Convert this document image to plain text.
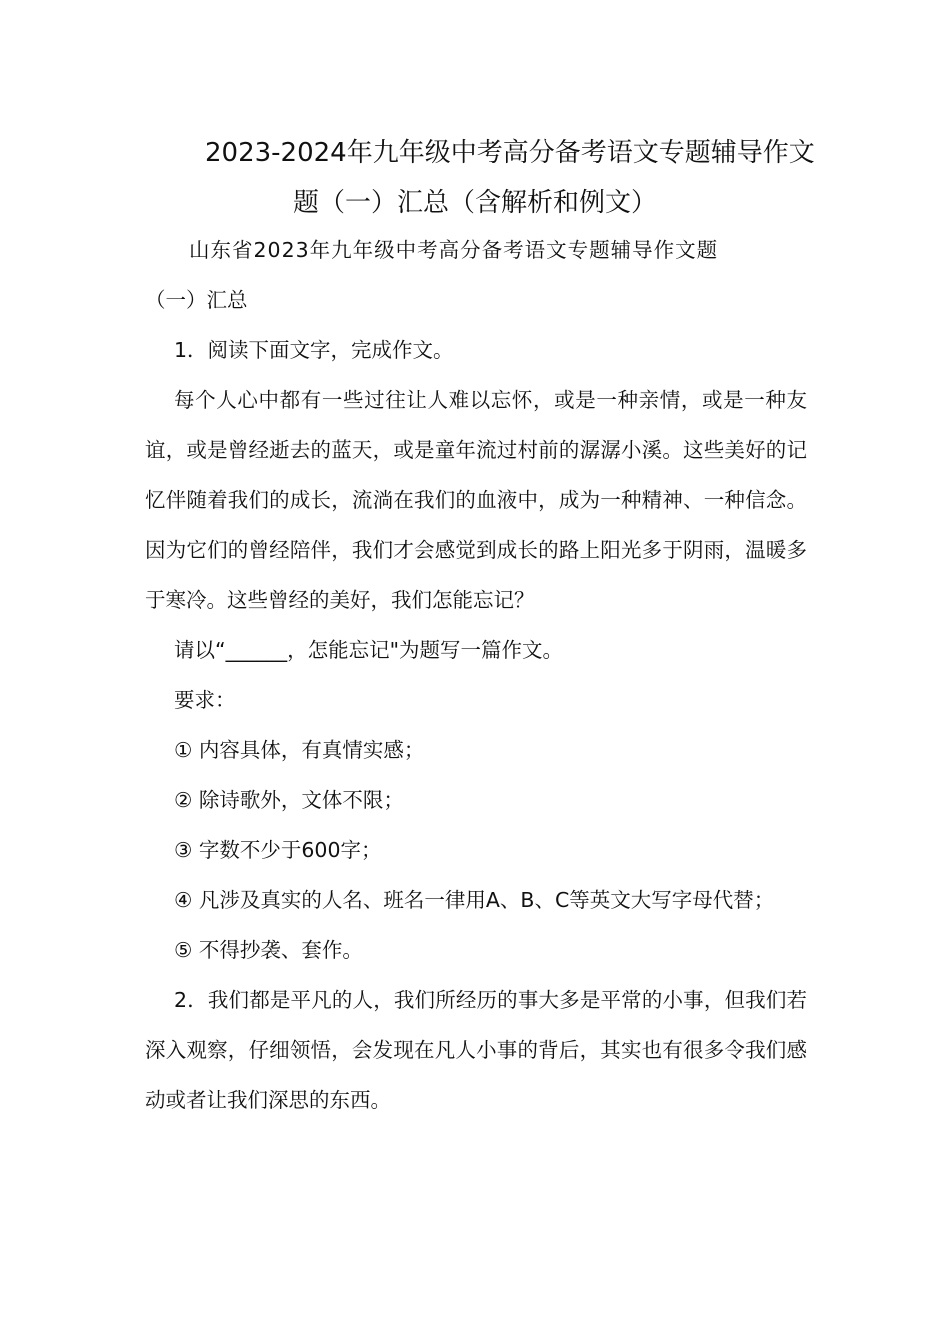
2023-2024年九年级中考高分备考语文专题辅导作文
题（一）汇总（含解析和例文）

山东省2023年九年级中考高分备考语文专题辅导作文题

（一）汇总

1．阅读下面文字，完成作文。

每个人心中都有一些过往让人难以忘怀，或是一种亲情，或是一种友谊，或是曾经逝去的蓝天，或是童年流过村前的潺潺小溪。这些美好的记忆伴随着我们的成长，流淌在我们的血液中，成为一种精神、一种信念。因为它们的曾经陪伴，我们才会感觉到成长的路上阳光多于阴雨，温暖多于寒冷。这些曾经的美好，我们怎能忘记？

请以“______，怎能忘记"为题写一篇作文。

要求：

① 内容具体，有真情实感；

② 除诗歌外，文体不限；

③ 字数不少于600字；

④ 凡涉及真实的人名、班名一律用A、B、C等英文大写字母代替；

⑤ 不得抄袭、套作。

2．我们都是平凡的人，我们所经历的事大多是平常的小事，但我们若深入观察，仔细领悟，会发现在凡人小事的背后，其实也有很多令我们感动或者让我们深思的东西。
